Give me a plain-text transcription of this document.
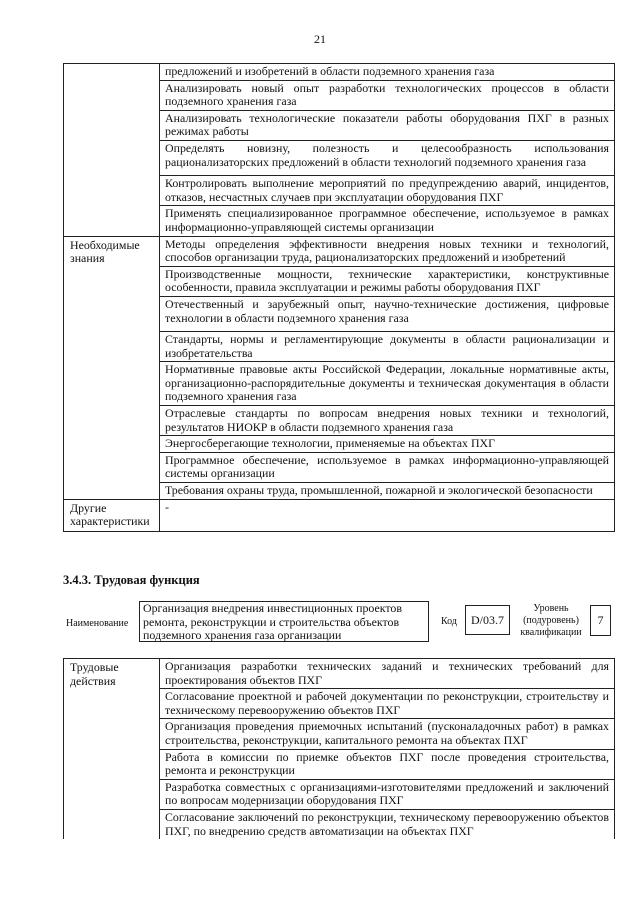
21
	предложений и изобретений в области подземного хранения газа
	Анализировать новый опыт разработки технологических процессов в области подземного хранения газа
	Анализировать технологические показатели работы оборудования ПХГ в разных режимах работы
	Определять новизну, полезность и целесообразность использования рационализаторских предложений в области технологий подземного хранения газа
	Контролировать выполнение мероприятий по предупреждению аварий, инцидентов, отказов, несчастных случаев при эксплуатации оборудования ПХГ
	Применять специализированное программное обеспечение, используемое в рамках информационно-управляющей системы организации
Необходимые знания	Методы определения эффективности внедрения новых техники и технологий, способов организации труда, рационализаторских предложений и изобретений
	Производственные мощности, технические характеристики, конструктивные особенности, правила эксплуатации и режимы работы оборудования ПХГ
	Отечественный и зарубежный опыт, научно-технические достижения, цифровые технологии в области подземного хранения газа
	Стандарты, нормы и регламентирующие документы в области рационализации и изобретательства
	Нормативные правовые акты Российской Федерации, локальные нормативные акты, организационно-распорядительные документы и техническая документация в области подземного хранения газа
	Отраслевые стандарты по вопросам внедрения новых техники и технологий, результатов НИОКР в области подземного хранения газа
	Энергосберегающие технологии, применяемые на объектах ПХГ
	Программное обеспечение, используемое в рамках информационно-управляющей системы организации
	Требования охраны труда, промышленной, пожарной и экологической безопасности
Другие характеристики	-
3.4.3. Трудовая функция
Наименование
Организация внедрения инвестиционных проектов ремонта, реконструкции и строительства объектов подземного хранения газа организации
Код	D/03.7
Уровень (подуровень) квалификации
7
Трудовые действия	Организация разработки технических заданий и технических требований для проектирования объектов ПХГ
Согласование проектной и рабочей документации по реконструкции, строительству и техническому перевооружению объектов ПХГ
Организация проведения приемочных испытаний (пусконаладочных работ) в рамках строительства, реконструкции, капитального ремонта на объектах ПХГ
Работа в комиссии по приемке объектов ПХГ после проведения строительства, ремонта и реконструкции
Разработка совместных с организациями-изготовителями предложений и заключений по вопросам модернизации оборудования ПХГ
Согласование заключений по реконструкции, техническому перевооружению объектов ПХГ, по внедрению средств автоматизации на объектах ПХГ
